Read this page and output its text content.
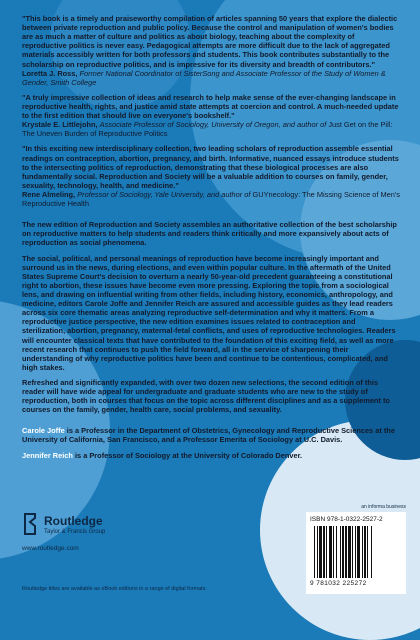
"This book is a timely and praiseworthy compilation of articles spanning 50 years that explore the dialectic between private reproduction and public policy. Because the control and manipulation of women's bodies are as much a matter of culture and politics as about biology, teaching about the complexity of reproductive politics is never easy. Pedagogical attempts are more difficult due to the lack of aggregated materials accessibly written for both professors and students. This book contributes substantially to the scholarship on reproductive politics, and is impressive for its diversity and breadth of contributors."
Loretta J. Ross, Former National Coordinator of SisterSong and Associate Professor of the Study of Women & Gender, Smith College

"A truly impressive collection of ideas and research to help make sense of the ever-changing landscape in reproductive health, rights, and justice amid state attempts at coercion and control. A much-needed update to the first edition that should live on everyone's bookshelf."
Krystale E. Littlejohn, Associate Professor of Sociology, University of Oregon, and author of Just Get on the Pill: The Uneven Burden of Reproductive Politics

"In this exciting new interdisciplinary collection, two leading scholars of reproduction assemble essential readings on contraception, abortion, pregnancy, and birth. Informative, nuanced essays introduce students to the intersecting politics of reproduction, demonstrating that these biological processes are also fundamentally social. Reproduction and Society will be a valuable addition to courses on family, gender, sexuality, technology, health, and medicine."
Rene Almeling, Professor of Sociology, Yale University, and author of GUYnecology: The Missing Science of Men's Reproductive Health

The new edition of Reproduction and Society assembles an authoritative collection of the best scholarship on reproductive matters to help students and readers think critically and more expansively about acts of reproduction as social phenomena.

The social, political, and personal meanings of reproduction have become increasingly important and surround us in the news, during elections, and even within popular culture. In the aftermath of the United States Supreme Court's decision to overturn a nearly 50-year-old precedent guaranteeing a constitutional right to abortion, these issues have become even more pressing. Exploring the topic from a sociological lens, and drawing on influential writing from other fields, including history, economics, anthropology, and medicine, editors Carole Joffe and Jennifer Reich are assured and accessible guides as they lead readers across six core thematic areas analyzing reproductive self-determination and why it matters. From a reproductive justice perspective, the new edition examines issues related to contraception and sterilization, abortion, pregnancy, maternal-fetal conflicts, and uses of reproductive technologies. Readers will encounter classical texts that have contributed to the foundation of this exciting field, as well as more recent research that continues to push the field forward, all in the service of sharpening their understanding of why reproductive politics have been and continue to be contentious, complicated, and high stakes.

Refreshed and significantly expanded, with over two dozen new selections, the second edition of this reader will have wide appeal for undergraduate and graduate students who are new to the study of reproduction, both in courses that focus on the topic across different disciplines and as a supplement to courses on the family, gender, health care, social problems, and sexuality.

Carole Joffe is a Professor in the Department of Obstetrics, Gynecology and Reproductive Sciences at the University of California, San Francisco, and a Professor Emerita of Sociology at U.C. Davis.

Jennifer Reich is a Professor of Sociology at the University of Colorado Denver.

Routledge
Taylor & Francis Group
www.routledge.com
Routledge titles are available as eBook editions in a range of digital formats
an informa business
ISBN 978-1-0322-2527-2
9 781032 225272
